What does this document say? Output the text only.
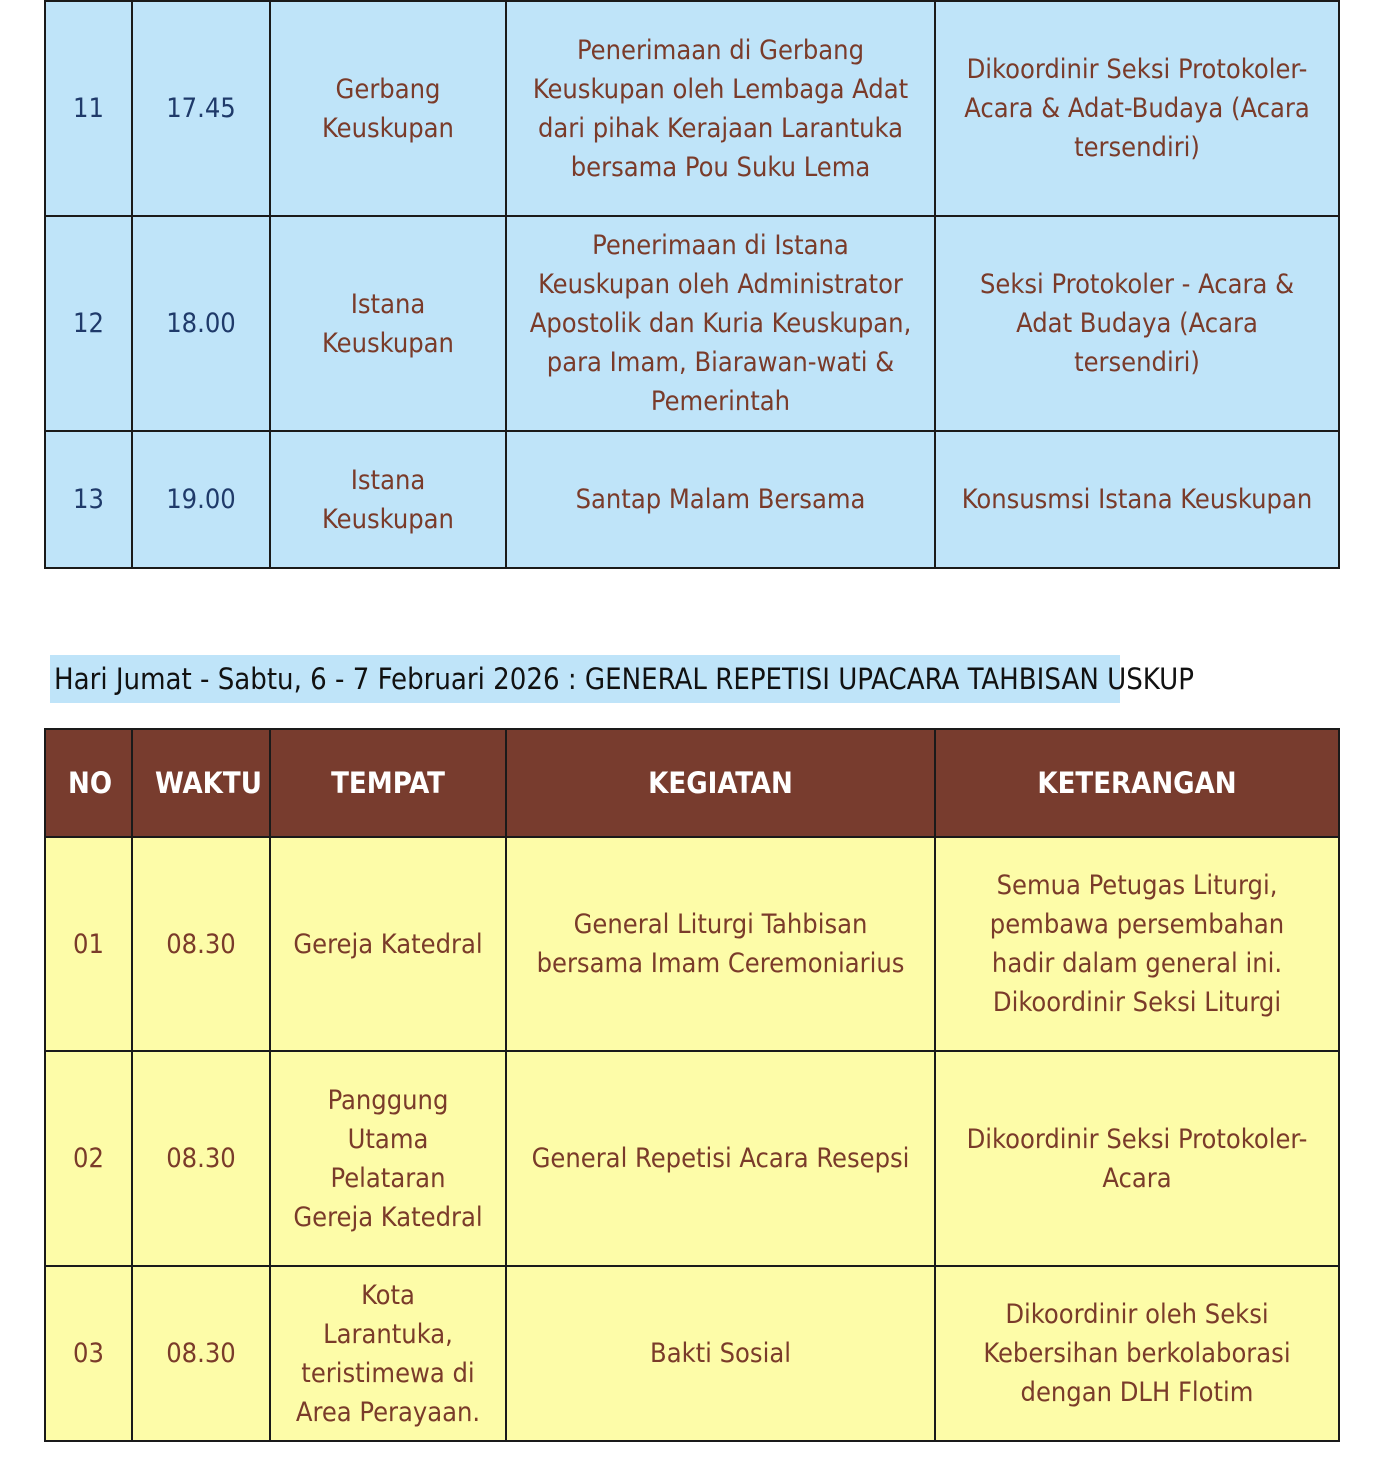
11	17.45	Gerbang Keuskupan	Penerimaan di Gerbang Keuskupan oleh Lembaga Adat dari pihak Kerajaan Larantuka bersama Pou Suku Lema	Dikoordinir Seksi Protokoler-Acara & Adat-Budaya (Acara tersendiri)
12	18.00	Istana Keuskupan	Penerimaan di Istana Keuskupan oleh Administrator Apostolik dan Kuria Keuskupan, para Imam, Biarawan-wati & Pemerintah	Seksi Protokoler - Acara & Adat Budaya (Acara tersendiri)
13	19.00	Istana Keuskupan	Santap Malam Bersama	Konsusmsi Istana Keuskupan
Hari Jumat - Sabtu, 6 - 7 Februari 2026 : GENERAL REPETISI UPACARA TAHBISAN USKUP
NO	WAKTU	TEMPAT	KEGIATAN	KETERANGAN
01	08.30	Gereja Katedral	General Liturgi Tahbisan bersama Imam Ceremoniarius	Semua Petugas Liturgi, pembawa persembahan hadir dalam general ini. Dikoordinir Seksi Liturgi
02	08.30	Panggung Utama Pelataran Gereja Katedral	General Repetisi Acara Resepsi	Dikoordinir Seksi Protokoler-Acara
03	08.30	Kota Larantuka, teristimewa di Area Perayaan.	Bakti Sosial	Dikoordinir oleh Seksi Kebersihan berkolaborasi dengan DLH Flotim
